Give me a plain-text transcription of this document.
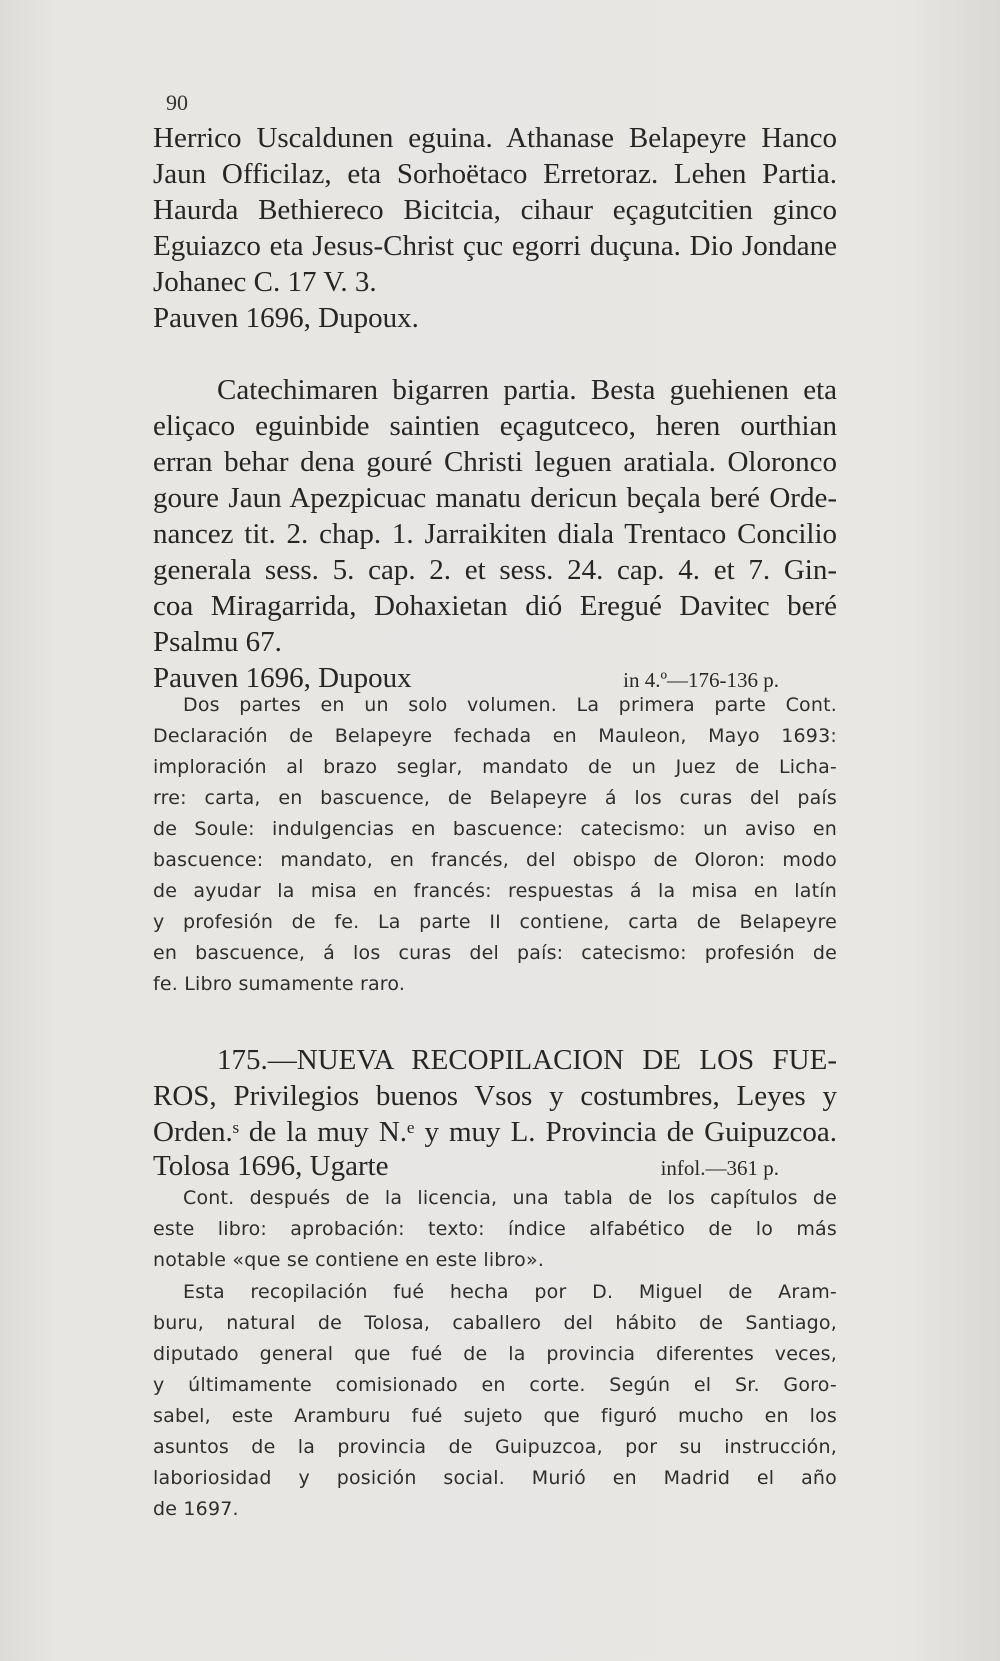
90
Herrico Uscaldunen eguina. Athanase Belapeyre Hanco
Jaun Officilaz, eta Sorhoëtaco Erretoraz. Lehen Partia.
Haurda Bethiereco Bicitcia, cihaur eçagutcitien ginco
Eguiazco eta Jesus-Christ çuc egorri duçuna. Dio Jondane
Johanec C. 17 V. 3.
Pauven 1696, Dupoux.
Catechimaren bigarren partia. Besta guehienen eta
eliçaco eguinbide saintien eçagutceco, heren ourthian
erran behar dena gouré Christi leguen aratiala. Oloronco
goure Jaun Apezpicuac manatu dericun beçala beré Orde-
nancez tit. 2. chap. 1. Jarraikiten diala Trentaco Concilio
generala sess. 5. cap. 2. et sess. 24. cap. 4. et 7. Gin-
coa Miragarrida, Dohaxietan dió Eregué Davitec beré
Psalmu 67.
Pauven 1696, Dupoux	in 4.º—176-136 p.
Dos partes en un solo volumen. La primera parte Cont.
Declaración de Belapeyre fechada en Mauleon, Mayo 1693:
imploración al brazo seglar, mandato de un Juez de Licha-
rre: carta, en bascuence, de Belapeyre á los curas del país
de Soule: indulgencias en bascuence: catecismo: un aviso en
bascuence: mandato, en francés, del obispo de Oloron: modo
de ayudar la misa en francés: respuestas á la misa en latín
y profesión de fe. La parte II contiene, carta de Belapeyre
en bascuence, á los curas del país: catecismo: profesión de
fe. Libro sumamente raro.
175.—NUEVA RECOPILACION DE LOS FUE-
ROS, Privilegios buenos Vsos y costumbres, Leyes y
Orden.ˢ de la muy N.ᵉ y muy L. Provincia de Guipuzcoa.
Tolosa 1696, Ugarte	infol.—361 p.
Cont. después de la licencia, una tabla de los capítulos de
este libro: aprobación: texto: índice alfabético de lo más
notable «que se contiene en este libro».
Esta recopilación fué hecha por D. Miguel de Aram-
buru, natural de Tolosa, caballero del hábito de Santiago,
diputado general que fué de la provincia diferentes veces,
y últimamente comisionado en corte. Según el Sr. Goro-
sabel, este Aramburu fué sujeto que figuró mucho en los
asuntos de la provincia de Guipuzcoa, por su instrucción,
laboriosidad y posición social. Murió en Madrid el año
de 1697.
